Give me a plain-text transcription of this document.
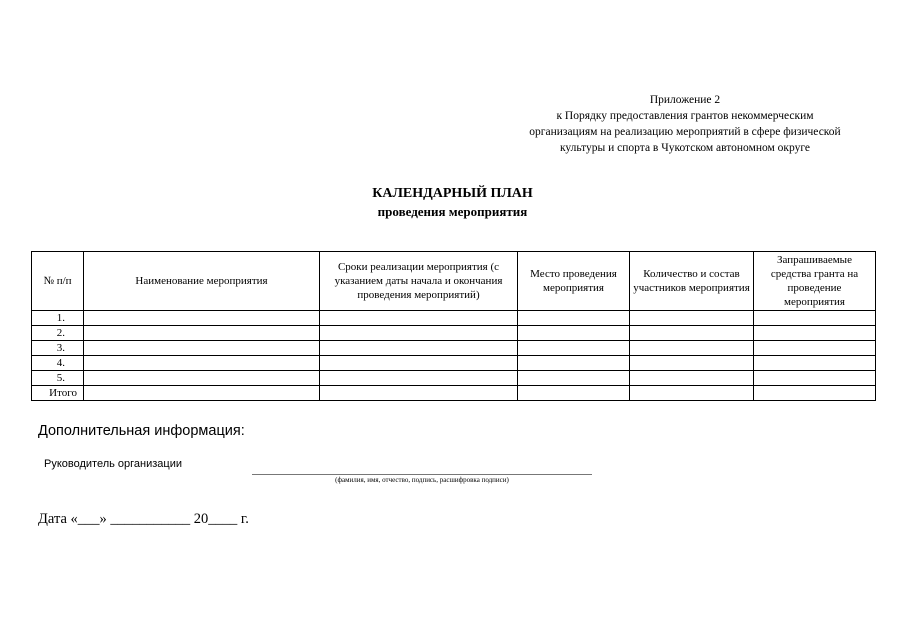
Приложение 2
к Порядку предоставления грантов некоммерческим
организациям на реализацию мероприятий в сфере физической
культуры и спорта в Чукотском автономном округе
КАЛЕНДАРНЫЙ ПЛАН
проведения мероприятия
№ п/п	Наименование мероприятия	Сроки реализации мероприятия (с указанием даты начала и окончания проведения мероприятий)	Место проведения мероприятия	Количество и состав участников мероприятия	Запрашиваемые средства гранта на проведение мероприятия
1.					
2.					
3.					
4.					
5.					
Итого					
Дополнительная информация:
Руководитель организации
(фамилия, имя, отчество, подпись, расшифровка подписи)
Дата «___» ___________ 20____ г.
